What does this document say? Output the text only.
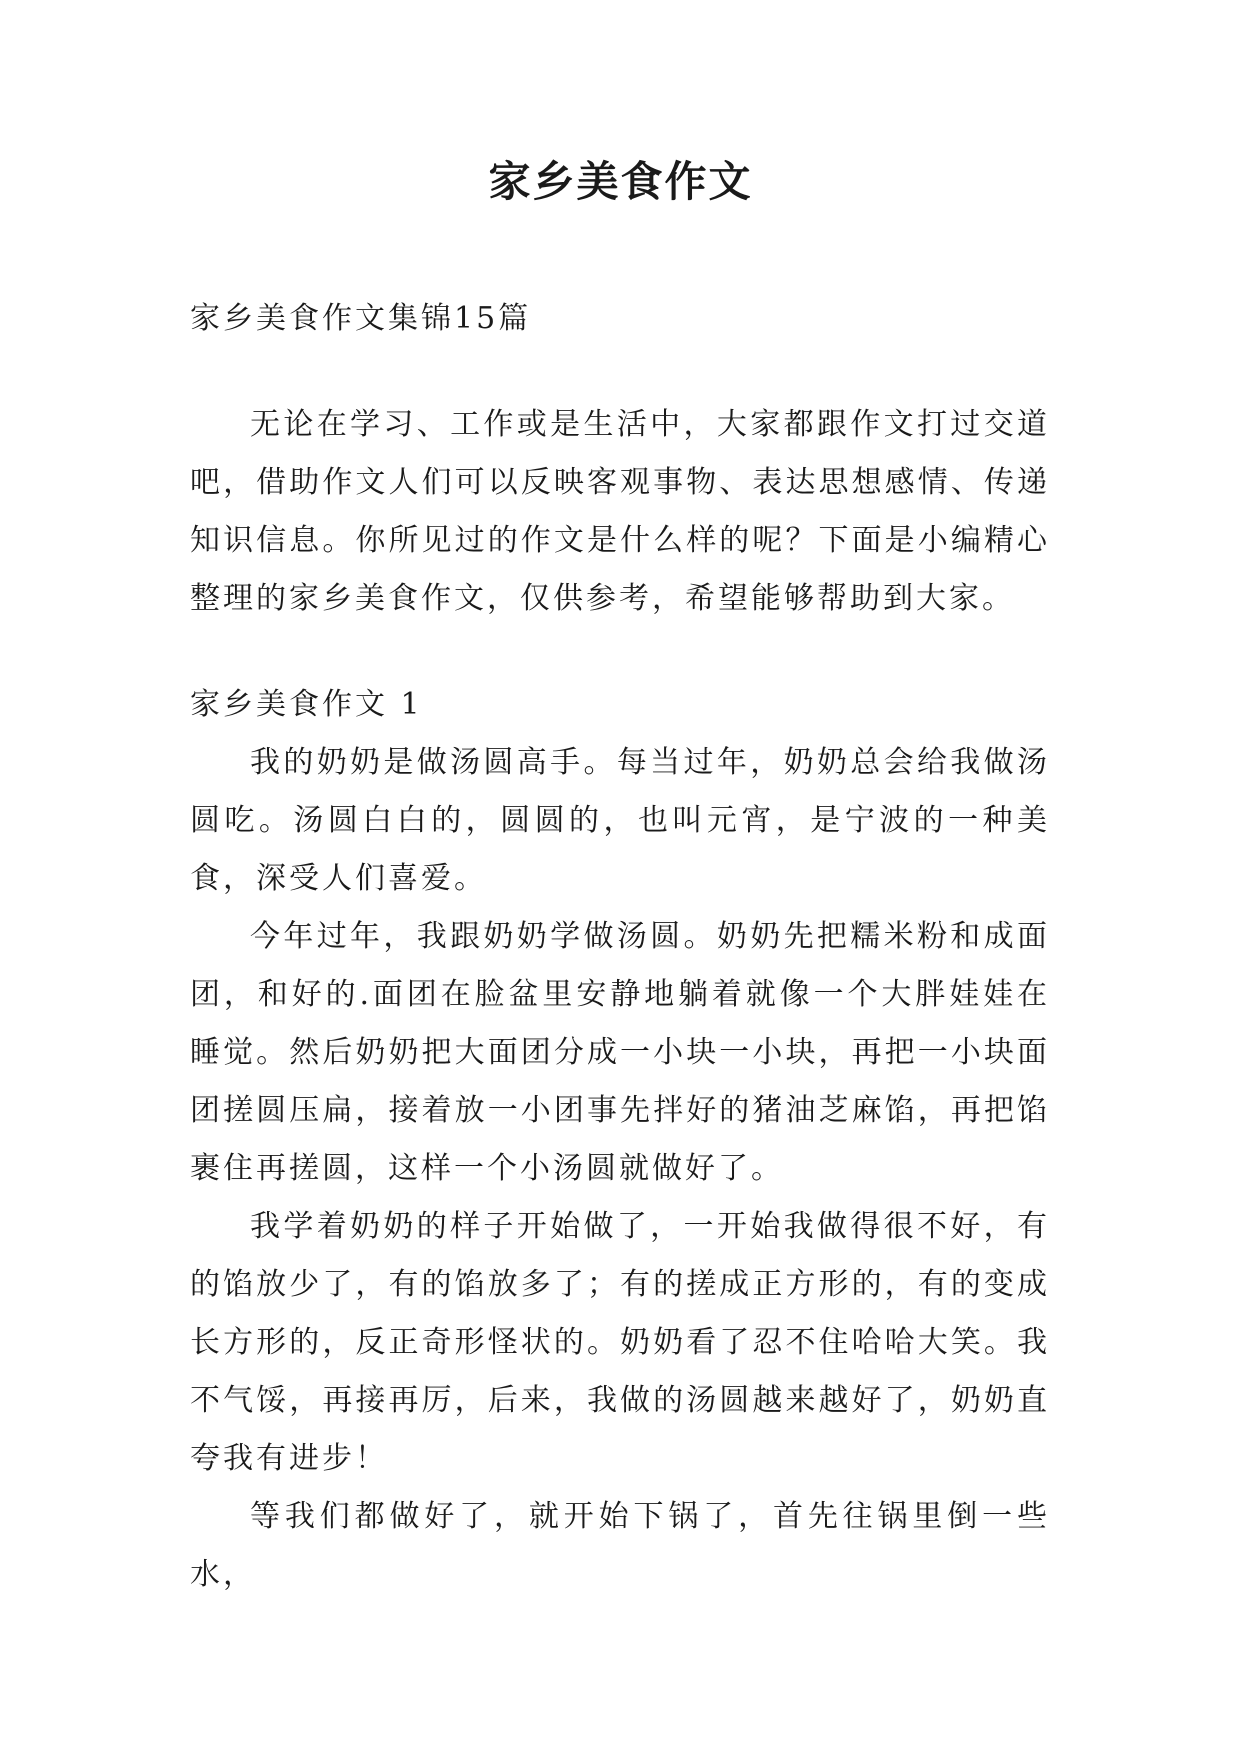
家乡美食作文

家乡美食作文集锦15篇

无论在学习、工作或是生活中，大家都跟作文打过交道吧，借助作文人们可以反映客观事物、表达思想感情、传递知识信息。你所见过的作文是什么样的呢？下面是小编精心整理的家乡美食作文，仅供参考，希望能够帮助到大家。

家乡美食作文 1

我的奶奶是做汤圆高手。每当过年，奶奶总会给我做汤圆吃。汤圆白白的，圆圆的，也叫元宵，是宁波的一种美食，深受人们喜爱。

今年过年，我跟奶奶学做汤圆。奶奶先把糯米粉和成面团，和好的.面团在脸盆里安静地躺着就像一个大胖娃娃在睡觉。然后奶奶把大面团分成一小块一小块，再把一小块面团搓圆压扁，接着放一小团事先拌好的猪油芝麻馅，再把馅裹住再搓圆，这样一个小汤圆就做好了。

我学着奶奶的样子开始做了，一开始我做得很不好，有的馅放少了，有的馅放多了；有的搓成正方形的，有的变成长方形的，反正奇形怪状的。奶奶看了忍不住哈哈大笑。我不气馁，再接再厉，后来，我做的汤圆越来越好了，奶奶直夸我有进步！

等我们都做好了，就开始下锅了，首先往锅里倒一些水，
